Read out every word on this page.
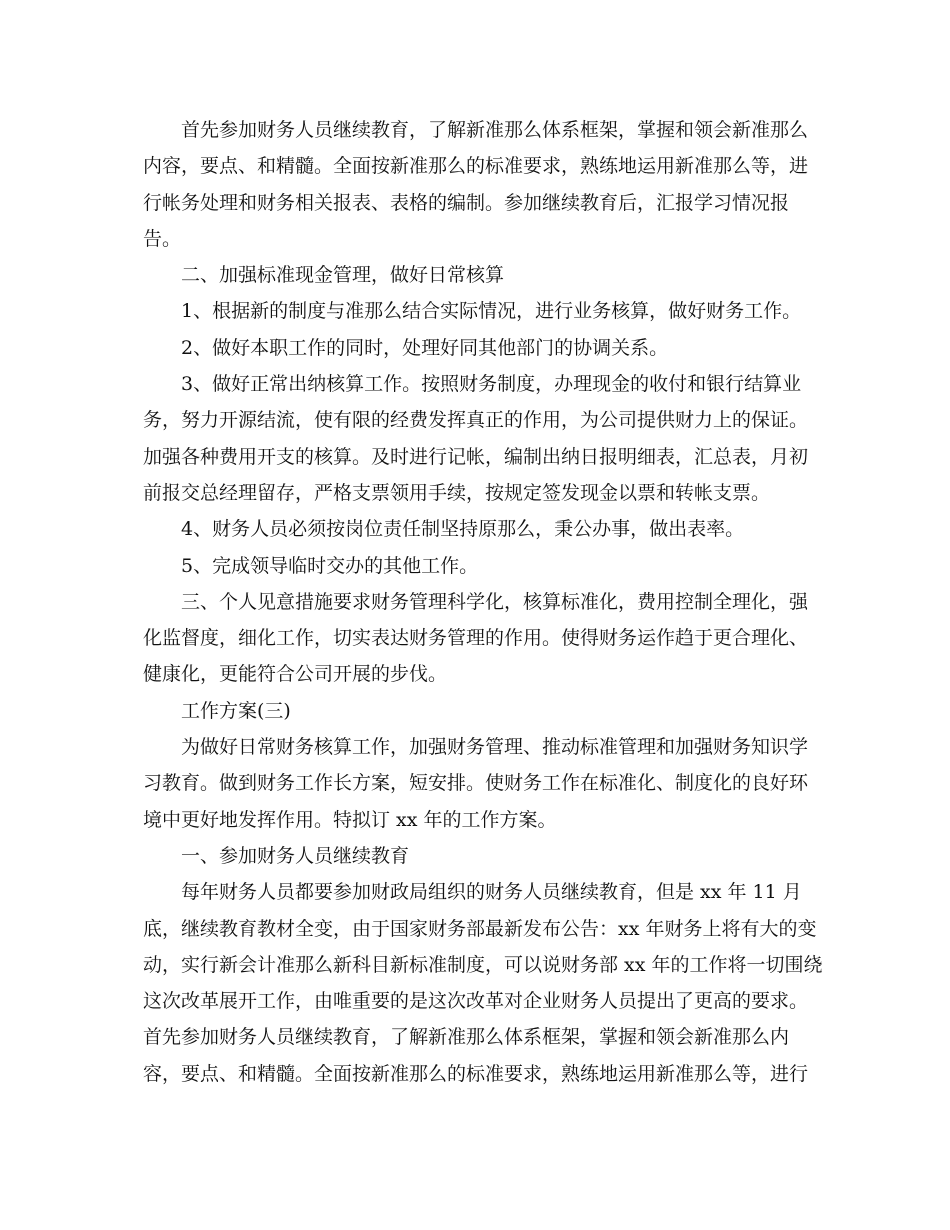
首先参加财务人员继续教育，了解新准那么体系框架，掌握和领会新准那么
内容，要点、和精髓。全面按新准那么的标准要求，熟练地运用新准那么等，进
行帐务处理和财务相关报表、表格的编制。参加继续教育后，汇报学习情况报
告。

二、加强标准现金管理，做好日常核算

1、根据新的制度与准那么结合实际情况，进行业务核算，做好财务工作。

2、做好本职工作的同时，处理好同其他部门的协调关系。

3、做好正常出纳核算工作。按照财务制度，办理现金的收付和银行结算业
务，努力开源结流，使有限的经费发挥真正的作用，为公司提供财力上的保证。
加强各种费用开支的核算。及时进行记帐，编制出纳日报明细表，汇总表，月初
前报交总经理留存，严格支票领用手续，按规定签发现金以票和转帐支票。

4、财务人员必须按岗位责任制坚持原那么，秉公办事，做出表率。

5、完成领导临时交办的其他工作。

三、个人见意措施要求财务管理科学化，核算标准化，费用控制全理化，强
化监督度，细化工作，切实表达财务管理的作用。使得财务运作趋于更合理化、
健康化，更能符合公司开展的步伐。

工作方案(三)

为做好日常财务核算工作，加强财务管理、推动标准管理和加强财务知识学
习教育。做到财务工作长方案，短安排。使财务工作在标准化、制度化的良好环
境中更好地发挥作用。特拟订 xx 年的工作方案。

一、参加财务人员继续教育

每年财务人员都要参加财政局组织的财务人员继续教育，但是 xx 年 11 月
底，继续教育教材全变，由于国家财务部最新发布公告：xx 年财务上将有大的变
动，实行新会计准那么新科目新标准制度，可以说财务部 xx 年的工作将一切围绕
这次改革展开工作，由唯重要的是这次改革对企业财务人员提出了更高的要求。
首先参加财务人员继续教育，了解新准那么体系框架，掌握和领会新准那么内
容，要点、和精髓。全面按新准那么的标准要求，熟练地运用新准那么等，进行
